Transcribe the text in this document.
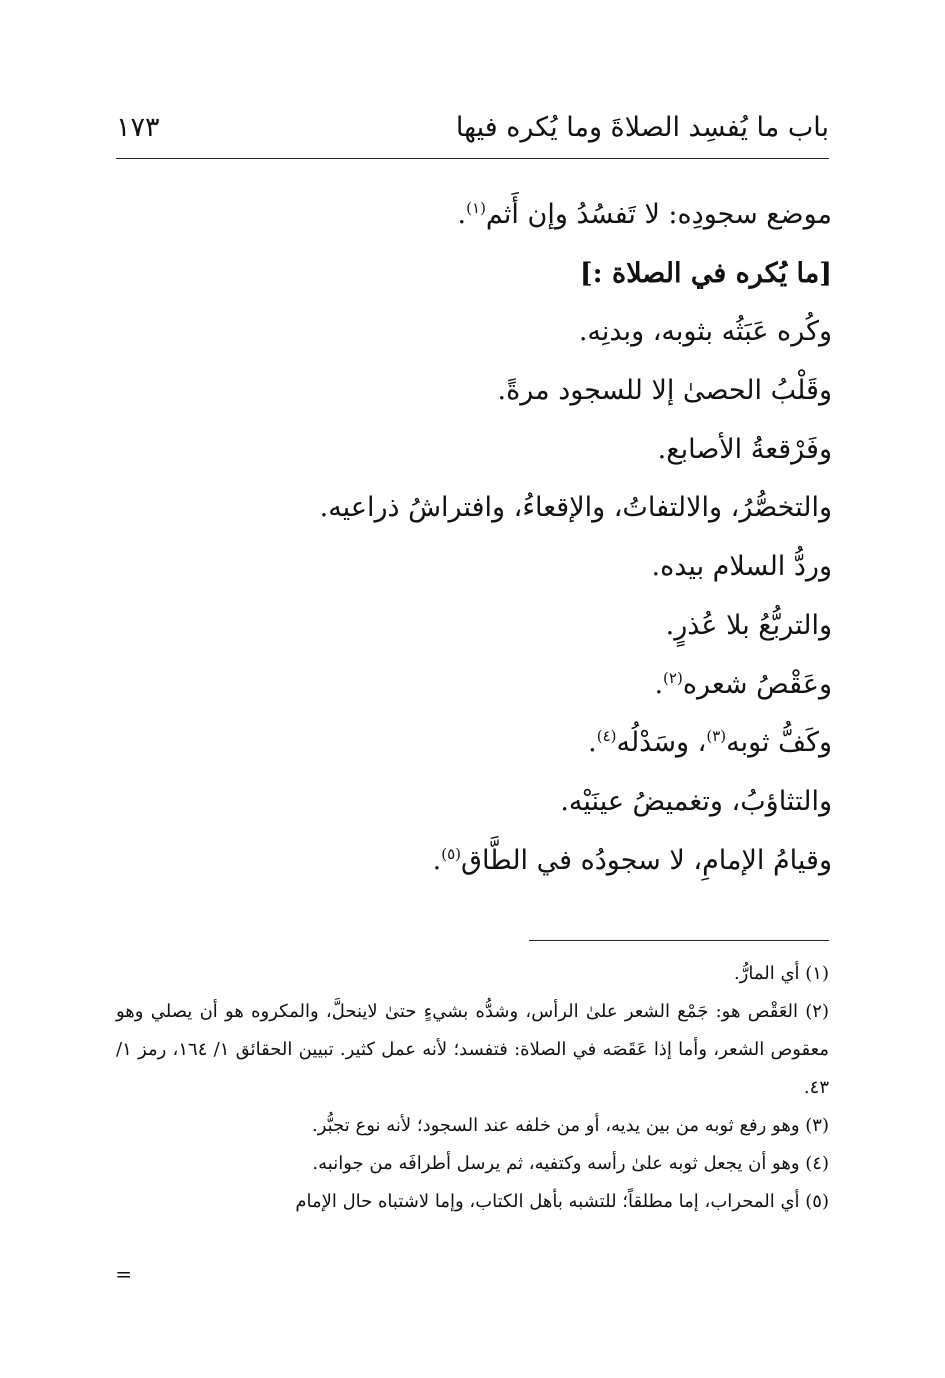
باب ما يُفسِد الصلاةَ وما يُكره فيها
١٧٣
موضع سجودِه: لا تَفسُدُ وإن أَثم$^{(١)}$.
[ما يُكره في الصلاة :]
وكُره عَبَثُه بثوبه، وبدنِه.
وقَلْبُ الحصىٰ إلا للسجود مرةً.
وفَرْقعةُ الأصابع.
والتخصُّرُ، والالتفاتُ، والإقعاءُ، وافتراشُ ذراعيه.
وردُّ السلام بيده.
والتربُّعُ بلا عُذرٍ.
وعَقْصُ شعره$^{(٢)}$.
وكَفُّ ثوبه$^{(٣)}$، وسَدْلُه$^{(٤)}$.
والتثاؤبُ، وتغميضُ عينَيْه.
وقيامُ الإمامِ، لا سجودُه في الطَّاق$^{(٥)}$.
(١) أي المارُّ.
(٢) العَقْص هو: جَمْع الشعر علىٰ الرأس، وشدُّه بشيءٍ حتىٰ لاينحلَّ، والمكروه هو أن يصلي وهو معقوص الشعر، وأما إذا عَقَصَه في الصلاة: فتفسد؛ لأنه عمل كثير. تبيين الحقائق ١/ ١٦٤، رمز ١/ ٤٣.
(٣) وهو رفع ثوبه من بين يديه، أو من خلفه عند السجود؛ لأنه نوع تجبُّر.
(٤) وهو أن يجعل ثوبه علىٰ رأسه وكتفيه، ثم يرسل أطرافَه من جوانبه.
(٥) أي المحراب، إما مطلقاً؛ للتشبه بأهل الكتاب، وإما لاشتباه حال الإمام
=
